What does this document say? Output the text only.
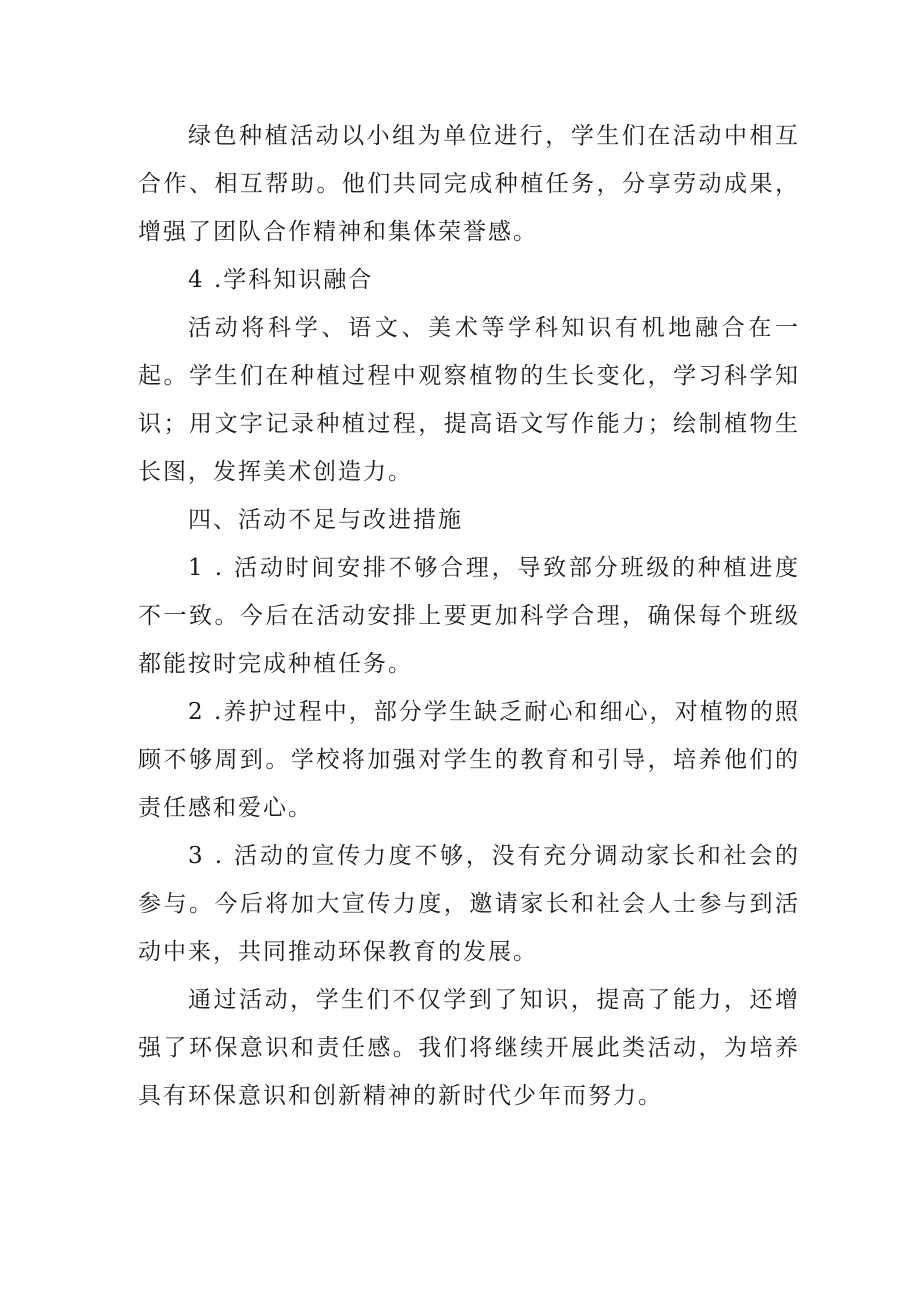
绿色种植活动以小组为单位进行，学生们在活动中相互合作、相互帮助。他们共同完成种植任务，分享劳动成果，增强了团队合作精神和集体荣誉感。

4 .学科知识融合

活动将科学、语文、美术等学科知识有机地融合在一起。学生们在种植过程中观察植物的生长变化，学习科学知识；用文字记录种植过程，提高语文写作能力；绘制植物生长图，发挥美术创造力。

四、活动不足与改进措施

1 . 活动时间安排不够合理，导致部分班级的种植进度不一致。今后在活动安排上要更加科学合理，确保每个班级都能按时完成种植任务。

2 .养护过程中，部分学生缺乏耐心和细心，对植物的照顾不够周到。学校将加强对学生的教育和引导，培养他们的责任感和爱心。

3 . 活动的宣传力度不够，没有充分调动家长和社会的参与。今后将加大宣传力度，邀请家长和社会人士参与到活动中来，共同推动环保教育的发展。

通过活动，学生们不仅学到了知识，提高了能力，还增强了环保意识和责任感。我们将继续开展此类活动，为培养具有环保意识和创新精神的新时代少年而努力。
